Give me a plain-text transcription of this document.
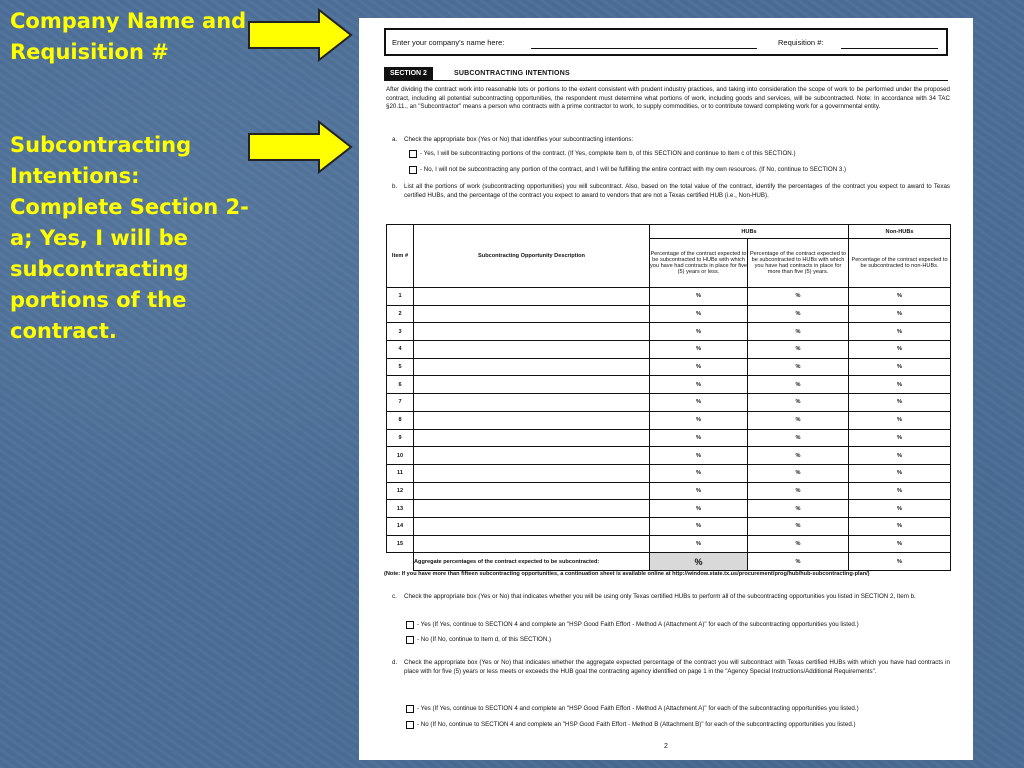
Company Name and Requisition #
Subcontracting Intentions: Complete Section 2-a; Yes, I will be subcontracting portions of the contract.
Enter your company's name here:	Requisition #:
SECTION 2	SUBCONTRACTING INTENTIONS
After dividing the contract work into reasonable lots or portions to the extent consistent with prudent industry practices, and taking into consideration the scope of work to be performed under the proposed contract, including all potential subcontracting opportunities, the respondent must determine what portions of work, including goods and services, will be subcontracted. Note: In accordance with 34 TAC §20.11., an "Subcontractor" means a person who contracts with a prime contractor to work, to supply commodities, or to contribute toward completing work for a governmental entity.
a. Check the appropriate box (Yes or No) that identifies your subcontracting intentions:
- Yes, I will be subcontracting portions of the contract. (If Yes, complete Item b, of this SECTION and continue to Item c of this SECTION.)
- No, I will not be subcontracting any portion of the contract, and I will be fulfilling the entire contract with my own resources. (If No, continue to SECTION 3.)
b. List all the portions of work (subcontracting opportunities) you will subcontract. Also, based on the total value of the contract, identify the percentages of the contract you expect to award to Texas certified HUBs, and the percentage of the contract you expect to award to vendors that are not a Texas certified HUB (i.e., Non-HUB).
Item #	Subcontracting Opportunity Description	HUBs		Non-HUBs
		Percentage of the contract expected to be subcontracted to HUBs with which you have had contracts in place for five (5) years or less.	Percentage of the contract expected to be subcontracted to HUBs with which you have had contracts in place for more than five (5) years.	Percentage of the contract expected to be subcontracted to non-HUBs.
1		%	%	%
2		%	%	%
3		%	%	%
4		%	%	%
5		%	%	%
6		%	%	%
7		%	%	%
8		%	%	%
9		%	%	%
10		%	%	%
11		%	%	%
12		%	%	%
13		%	%	%
14		%	%	%
15		%	%	%
	Aggregate percentages of the contract expected to be subcontracted:	%	%	%
(Note: If you have more than fifteen subcontracting opportunities, a continuation sheet is available online at http://window.state.tx.us/procurement/prog/hub/hub-subcontracting-plan/)
c. Check the appropriate box (Yes or No) that indicates whether you will be using only Texas certified HUBs to perform all of the subcontracting opportunities you listed in SECTION 2, Item b.
- Yes (If Yes, continue to SECTION 4 and complete an "HSP Good Faith Effort - Method A (Attachment A)" for each of the subcontracting opportunities you listed.)
- No (If No, continue to Item d, of this SECTION.)
d. Check the appropriate box (Yes or No) that indicates whether the aggregate expected percentage of the contract you will subcontract with Texas certified HUBs with which you have had contracts in place with for five (5) years or less meets or exceeds the HUB goal the contracting agency identified on page 1 in the "Agency Special Instructions/Additional Requirements".
- Yes (If Yes, continue to SECTION 4 and complete an "HSP Good Faith Effort - Method A (Attachment A)" for each of the subcontracting opportunities you listed.)
- No (If No, continue to SECTION 4 and complete an "HSP Good Faith Effort - Method B (Attachment B)" for each of the subcontracting opportunities you listed.)
2
